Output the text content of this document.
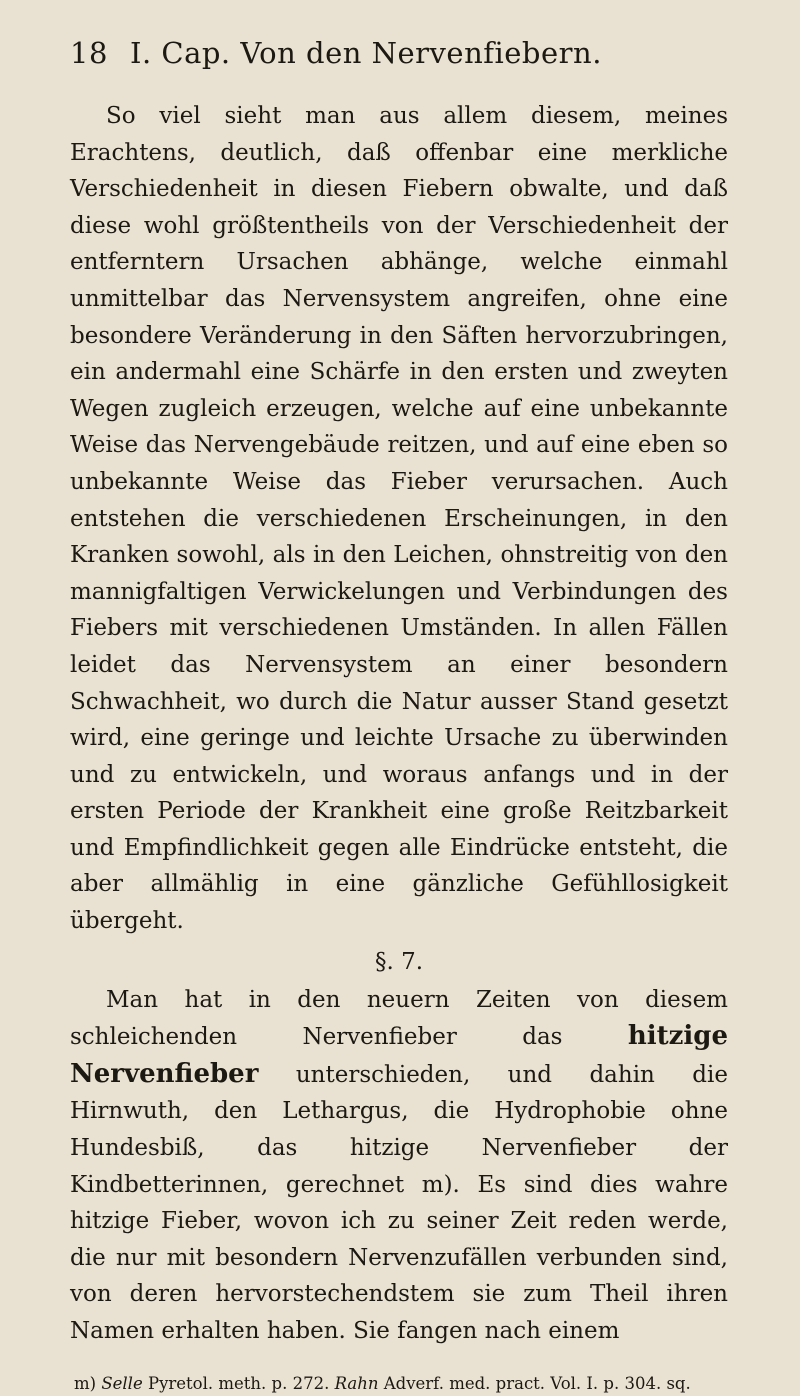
18 I. Cap. Von den Nervenfiebern.

So viel sieht man aus allem diesem, meines Erachtens, deutlich, daß offenbar eine merkliche Verschiedenheit in diesen Fiebern obwalte, und daß diese wohl größtentheils von der Verschiedenheit der entferntern Ursachen abhänge, welche einmahl unmittelbar das Nervensystem angreifen, ohne eine besondere Veränderung in den Säften hervorzubringen, ein andermahl eine Schärfe in den ersten und zweyten Wegen zugleich erzeugen, welche auf eine unbekannte Weise das Nervengebäude reitzen, und auf eine eben so unbekannte Weise das Fieber verursachen. Auch entstehen die verschiedenen Erscheinungen, in den Kranken sowohl, als in den Leichen, ohnstreitig von den mannigfaltigen Verwickelungen und Verbindungen des Fiebers mit verschiedenen Umständen. In allen Fällen leidet das Nervensystem an einer besondern Schwachheit, wo durch die Natur ausser Stand gesetzt wird, eine geringe und leichte Ursache zu überwinden und zu entwickeln, und woraus anfangs und in der ersten Periode der Krankheit eine große Reitzbarkeit und Empfindlichkeit gegen alle Eindrücke entsteht, die aber allmählig in eine gänzliche Gefühllosigkeit übergeht.

§. 7.

Man hat in den neuern Zeiten von diesem schleichenden Nervenfieber das hitzige Nervenfieber unterschieden, und dahin die Hirnwuth, den Lethargus, die Hydrophobie ohne Hundesbiß, das hitzige Nervenfieber der Kindbetterinnen, gerechnet m). Es sind dies wahre hitzige Fieber, wovon ich zu seiner Zeit reden werde, die nur mit besondern Nervenzufällen verbunden sind, von deren hervorstechendstem sie zum Theil ihren Namen erhalten haben. Sie fangen nach einem

m) Selle Pyretol. meth. p. 272. Rahn Adverf. med. pract. Vol. I. p. 304. sq.
